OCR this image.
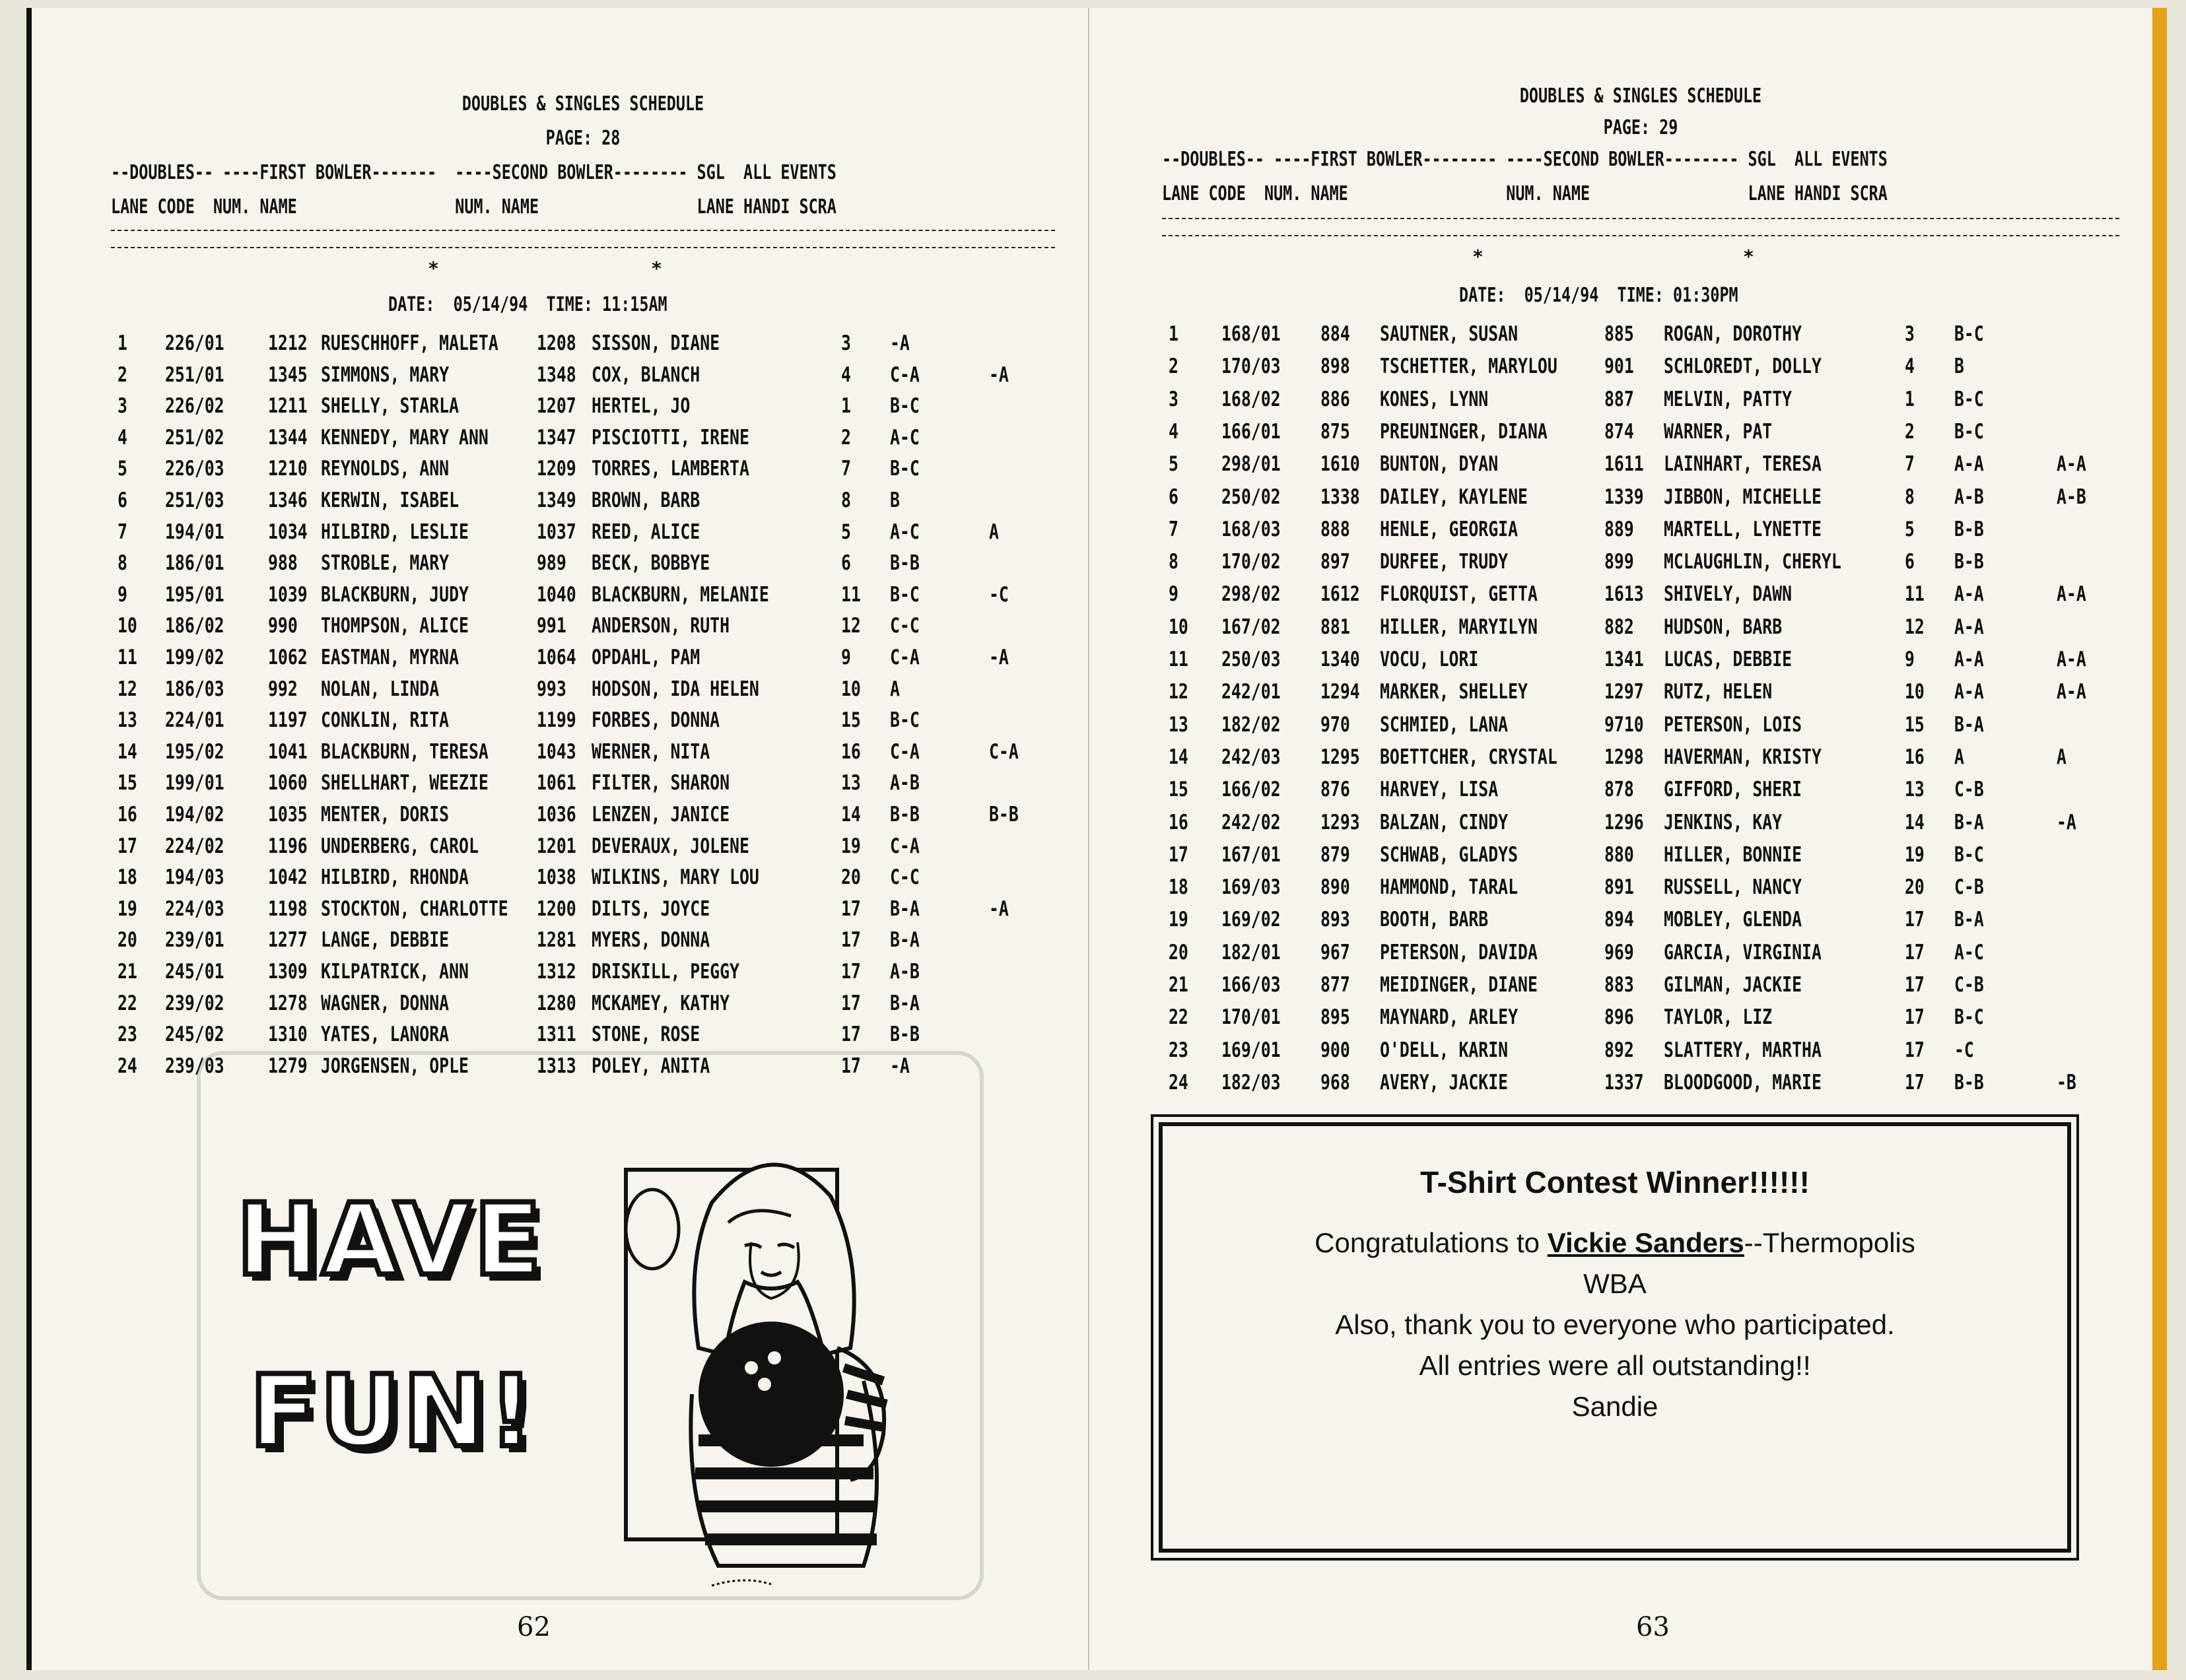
DOUBLES & SINGLES SCHEDULE
PAGE: 28
--DOUBLES-- ----FIRST BOWLER-------  ----SECOND BOWLER-------- SGL  ALL EVENTS
LANE CODE  NUM. NAME                 NUM. NAME                 LANE HANDI SCRA
*	*
DATE:  05/14/94  TIME: 11:15AM
1 226/01 1212 RUESCHHOFF, MALETA 1208 SISSON, DIANE	3 -A
2 251/01 1345 SIMMONS, MARY	1348 COX, BLANCH	4 C-A	-A
3 226/02 1211 SHELLY, STARLA	1207 HERTEL, JO	1 B-C
4 251/02 1344 KENNEDY, MARY ANN 1347 PISCIOTTI, IRENE	2 A-C
5 226/03 1210 REYNOLDS, ANN	1209 TORRES, LAMBERTA	7 B-C
6 251/03 1346 KERWIN, ISABEL	1349 BROWN, BARB	8 B
7 194/01 1034 HILBIRD, LESLIE	1037 REED, ALICE	5 A-C	A
8 186/01 988 STROBLE, MARY	989 BECK, BOBBYE	6 B-B
9 195/01 1039 BLACKBURN, JUDY	1040 BLACKBURN, MELANIE	11 B-C	-C
10 186/02 990 THOMPSON, ALICE	991 ANDERSON, RUTH	12 C-C
11 199/02 1062 EASTMAN, MYRNA	1064 OPDAHL, PAM	9 C-A	-A
12 186/03 992 NOLAN, LINDA	993 HODSON, IDA HELEN	10 A
13 224/01 1197 CONKLIN, RITA	1199 FORBES, DONNA	15 B-C
14 195/02 1041 BLACKBURN, TERESA 1043 WERNER, NITA	16 C-A	C-A
15 199/01 1060 SHELLHART, WEEZIE 1061 FILTER, SHARON	13 A-B
16 194/02 1035 MENTER, DORIS	1036 LENZEN, JANICE	14 B-B	B-B
17 224/02 1196 UNDERBERG, CAROL	1201 DEVERAUX, JOLENE	19 C-A
18 194/03 1042 HILBIRD, RHONDA	1038 WILKINS, MARY LOU	20 C-C
19 224/03 1198 STOCKTON, CHARLOTTE 1200 DILTS, JOYCE	17 B-A	-A
20 239/01 1277 LANGE, DEBBIE	1281 MYERS, DONNA	17 B-A
21 245/01 1309 KILPATRICK, ANN	1312 DRISKILL, PEGGY	17 A-B
22 239/02 1278 WAGNER, DONNA	1280 MCKAMEY, KATHY	17 B-A
23 245/02 1310 YATES, LANORA	1311 STONE, ROSE	17 B-B
24 239/03 1279 JORGENSEN, OPLE	1313 POLEY, ANITA	17 -A
HAVE
FUN!
62
DOUBLES & SINGLES SCHEDULE
PAGE: 29
--DOUBLES-- ----FIRST BOWLER-------- ----SECOND BOWLER-------- SGL  ALL EVENTS
LANE CODE  NUM. NAME                 NUM. NAME                 LANE HANDI SCRA
*	*
DATE:  05/14/94  TIME: 01:30PM
1 168/01 884 SAUTNER, SUSAN	885 ROGAN, DOROTHY	3 B-C
2 170/03 898 TSCHETTER, MARYLOU 901 SCHLOREDT, DOLLY	4 B
3 168/02 886 KONES, LYNN	887 MELVIN, PATTY	1 B-C
4 166/01 875 PREUNINGER, DIANA	874 WARNER, PAT	2 B-C
5 298/01 1610 BUNTON, DYAN	1611 LAINHART, TERESA	7 A-A	A-A
6 250/02 1338 DAILEY, KAYLENE	1339 JIBBON, MICHELLE	8 A-B	A-B
7 168/03 888 HENLE, GEORGIA	889 MARTELL, LYNETTE	5 B-B
8 170/02 897 DURFEE, TRUDY	899 MCLAUGHLIN, CHERYL	6 B-B
9 298/02 1612 FLORQUIST, GETTA	1613 SHIVELY, DAWN	11 A-A	A-A
10 167/02 881 HILLER, MARYILYN	882 HUDSON, BARB	12 A-A
11 250/03 1340 VOCU, LORI	1341 LUCAS, DEBBIE	9 A-A	A-A
12 242/01 1294 MARKER, SHELLEY	1297 RUTZ, HELEN	10 A-A	A-A
13 182/02 970 SCHMIED, LANA	9710 PETERSON, LOIS	15 B-A
14 242/03 1295 BOETTCHER, CRYSTAL 1298 HAVERMAN, KRISTY	16 A	A
15 166/02 876 HARVEY, LISA	878 GIFFORD, SHERI	13 C-B
16 242/02 1293 BALZAN, CINDY	1296 JENKINS, KAY	14 B-A	-A
17 167/01 879 SCHWAB, GLADYS	880 HILLER, BONNIE	19 B-C
18 169/03 890 HAMMOND, TARAL	891 RUSSELL, NANCY	20 C-B
19 169/02 893 BOOTH, BARB	894 MOBLEY, GLENDA	17 B-A
20 182/01 967 PETERSON, DAVIDA	969 GARCIA, VIRGINIA	17 A-C
21 166/03 877 MEIDINGER, DIANE	883 GILMAN, JACKIE	17 C-B
22 170/01 895 MAYNARD, ARLEY	896 TAYLOR, LIZ	17 B-C
23 169/01 900 O'DELL, KARIN	892 SLATTERY, MARTHA	17 -C
24 182/03 968 AVERY, JACKIE	1337 BLOODGOOD, MARIE	17 B-B	-B
63
T-Shirt Contest Winner!!!!!!
Congratulations to Vickie Sanders--Thermopolis
WBA
Also, thank you to everyone who participated.
All entries were all outstanding!!
Sandie
